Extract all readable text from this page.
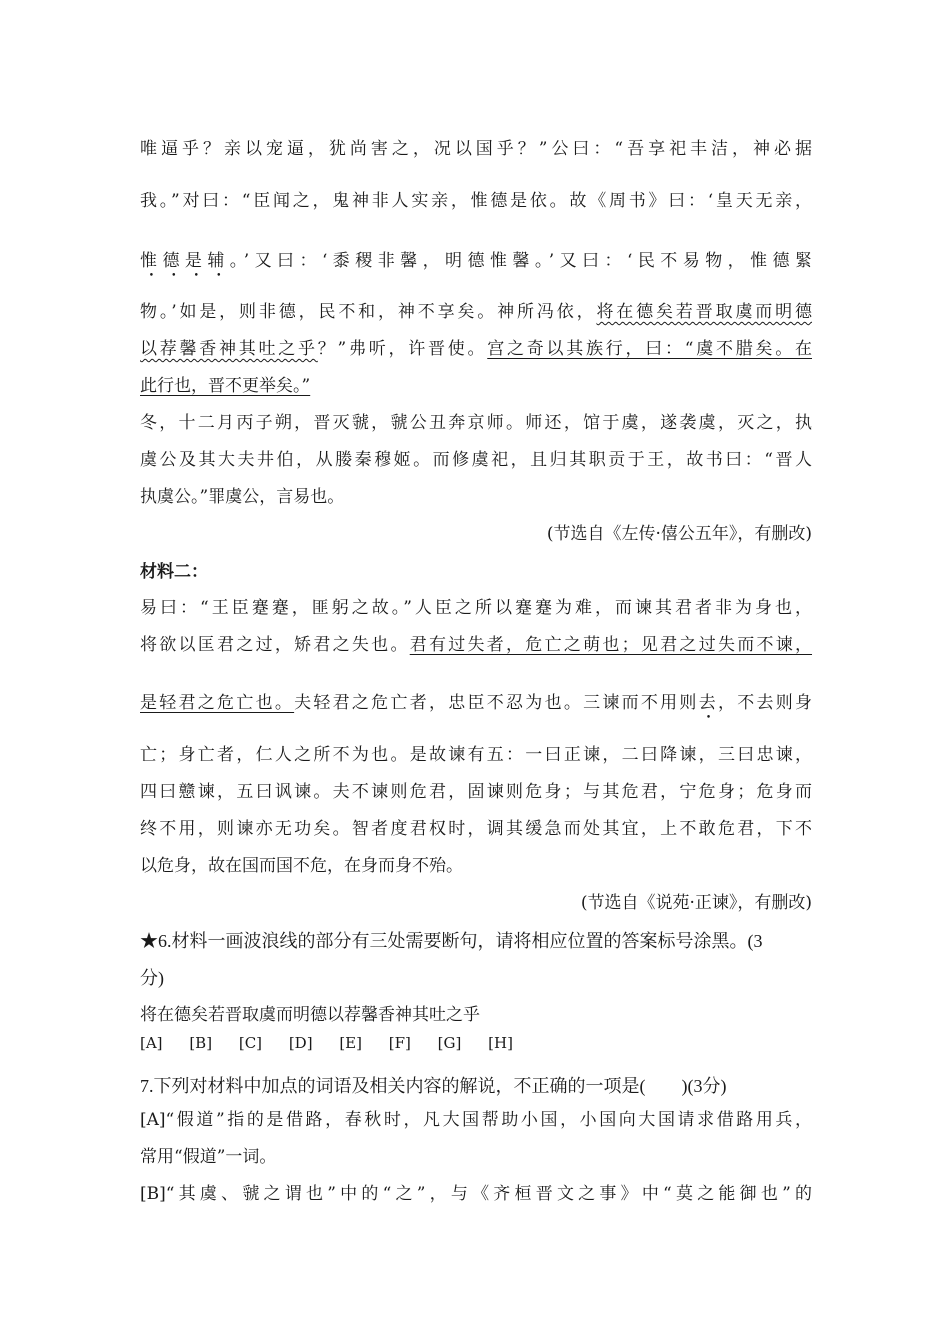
唯逼乎？亲以宠逼，犹尚害之，况以国乎？”公曰：“吾享祀丰洁，神必据
我。”对曰：“臣闻之，鬼神非人实亲，惟德是依。故《周书》曰：‘皇天无亲，
惟德是辅。’又曰：‘黍稷非馨，明德惟馨。’又曰：‘民不易物，惟德緊
物。’如是，则非德，民不和，神不享矣。神所冯依，将在德矣若晋取虞而明德
以荐馨香神其吐之乎？”弗听，许晋使。宫之奇以其族行，曰：“虞不腊矣。在
此行也，晋不更举矣。”
冬，十二月丙子朔，晋灭虢，虢公丑奔京师。师还，馆于虞，遂袭虞，灭之，执
虞公及其大夫井伯，从媵秦穆姬。而修虞祀，且归其职贡于王，故书曰：“晋人
执虞公。”罪虞公，言易也。
(节选自《左传·僖公五年》，有删改)
材料二：
易曰：“王臣蹇蹇，匪躬之故。”人臣之所以蹇蹇为难，而谏其君者非为身也，
将欲以匡君之过，矫君之失也。君有过失者，危亡之萌也；见君之过失而不谏，
是轻君之危亡也。夫轻君之危亡者，忠臣不忍为也。三谏而不用则去，不去则身
亡；身亡者，仁人之所不为也。是故谏有五：一曰正谏，二曰降谏，三曰忠谏，
四曰戆谏，五曰讽谏。夫不谏则危君，固谏则危身；与其危君，宁危身；危身而
终不用，则谏亦无功矣。智者度君权时，调其缓急而处其宜，上不敢危君，下不
以危身，故在国而国不危，在身而身不殆。
(节选自《说苑·正谏》，有删改)
★6.材料一画波浪线的部分有三处需要断句，请将相应位置的答案标号涂黑。(3
分)
将在德矣若晋取虞而明德以荐馨香神其吐之乎
[A] [B] [C] [D] [E] [F] [G] [H]
7.下列对材料中加点的词语及相关内容的解说，不正确的一项是(　　)(3分)
[A]“假道”指的是借路，春秋时，凡大国帮助小国，小国向大国请求借路用兵，
常用“假道”一词。
[B]“其虞、虢之谓也”中的“之”，与《齐桓晋文之事》中“莫之能御也”的
